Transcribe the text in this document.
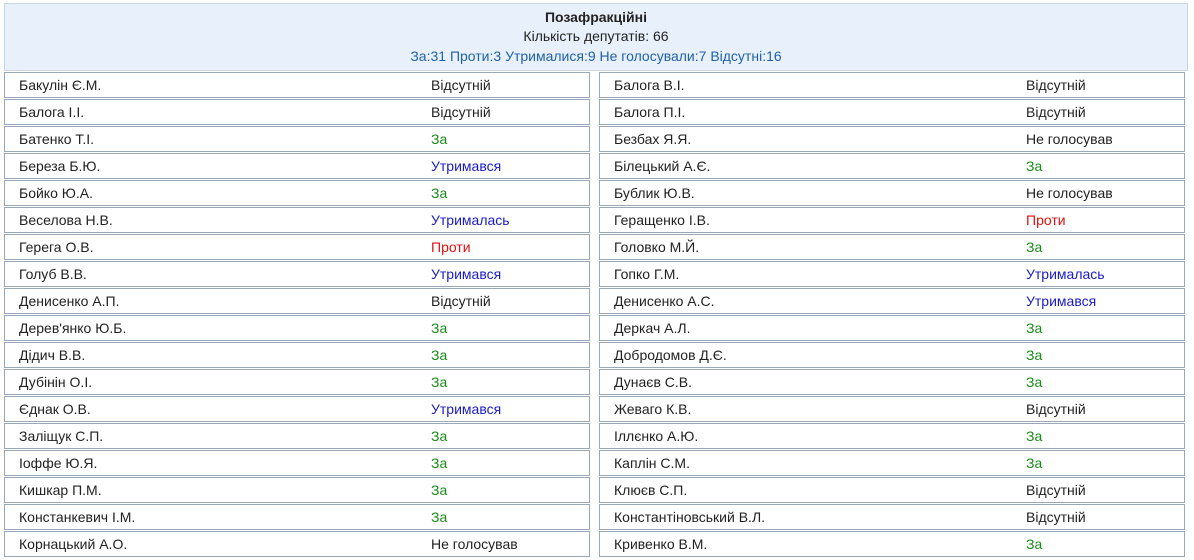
Позафракційні
Кількість депутатів: 66
За:31 Проти:3 Утрималися:9 Не голосували:7 Відсутні:16
Бакулін Є.М.	Відсутній
Балога І.І.	Відсутній
Батенко Т.І.	За
Береза Б.Ю.	Утримався
Бойко Ю.А.	За
Веселова Н.В.	Утрималась
Герега О.В.	Проти
Голуб В.В.	Утримався
Денисенко А.П.	Відсутній
Дерев'янко Ю.Б.	За
Дідич В.В.	За
Дубінін О.І.	За
Єднак О.В.	Утримався
Заліщук С.П.	За
Іоффе Ю.Я.	За
Кишкар П.М.	За
Констанкевич І.М.	За
Корнацький А.О.	Не голосував
Балога В.І.	Відсутній
Балога П.І.	Відсутній
Безбах Я.Я.	Не голосував
Білецький А.Є.	За
Бублик Ю.В.	Не голосував
Геращенко І.В.	Проти
Головко М.Й.	За
Гопко Г.М.	Утрималась
Денисенко А.С.	Утримався
Деркач А.Л.	За
Добродомов Д.Є.	За
Дунаєв С.В.	За
Жеваго К.В.	Відсутній
Іллєнко А.Ю.	За
Каплін С.М.	За
Клюєв С.П.	Відсутній
Константіновський В.Л.	Відсутній
Кривенко В.М.	За
